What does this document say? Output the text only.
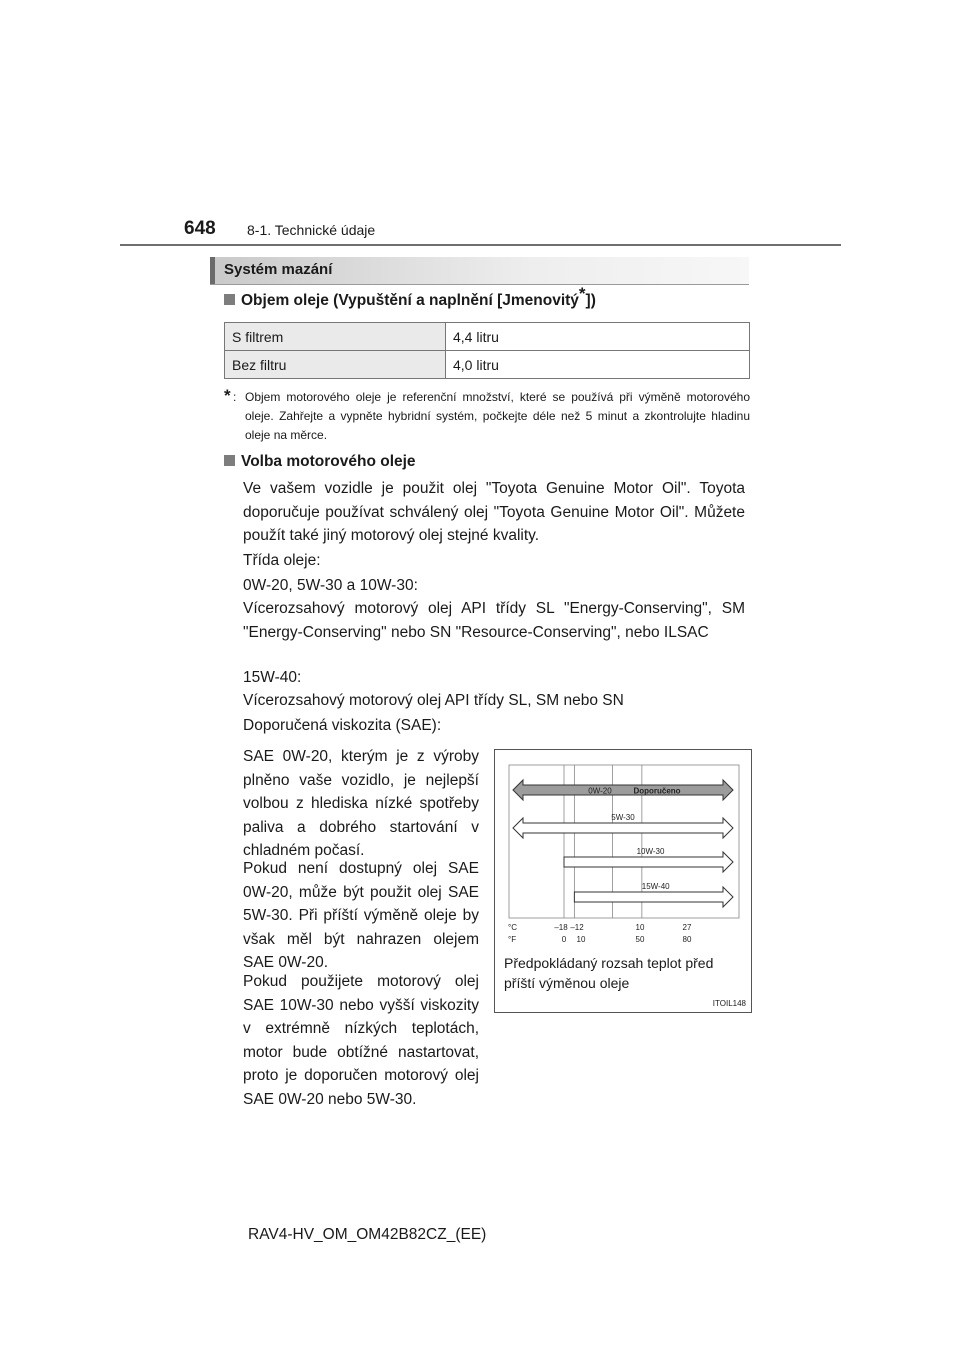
648 8-1. Technické údaje
Systém mazání
Objem oleje (Vypuštění a naplnění [Jmenovitý*])
S filtrem	4,4 litru
Bez filtru	4,0 litru
* : Objem motorového oleje je referenční množství, které se používá při výměně motorového oleje. Zahřejte a vypněte hybridní systém, počkejte déle než 5 minut a zkontrolujte hladinu oleje na měrce.
Volba motorového oleje
Ve vašem vozidle je použit olej "Toyota Genuine Motor Oil". Toyota doporučuje používat schválený olej "Toyota Genuine Motor Oil". Můžete použít také jiný motorový olej stejné kvality.
Třída oleje:
0W-20, 5W-30 a 10W-30:
Vícerozsahový motorový olej API třídy SL "Energy-Conserving", SM "Energy-Conserving" nebo SN "Resource-Conserving", nebo ILSAC
15W-40:
Vícerozsahový motorový olej API třídy SL, SM nebo SN
Doporučená viskozita (SAE):
SAE 0W-20, kterým je z výroby plněno vaše vozidlo, je nejlepší volbou z hlediska nízké spotřeby paliva a dobrého startování v chladném počasí.
Pokud není dostupný olej SAE 0W-20, může být použit olej SAE 5W-30. Při příští výměně oleje by však měl být nahrazen olejem SAE 0W-20.
Pokud použijete motorový olej SAE 10W-30 nebo vyšší viskozity v extrémně nízkých teplotách, motor bude obtížné nastartovat, proto je doporučen motorový olej SAE 0W-20 nebo 5W-30.
0W-20	Doporučeno
5W-30
10W-30
15W-40
°C
°F
–18 –12	10	27
0 10	50	80
Předpokládaný rozsah teplot před příští výměnou oleje
ITOIL148
RAV4-HV_OM_OM42B82CZ_(EE)
